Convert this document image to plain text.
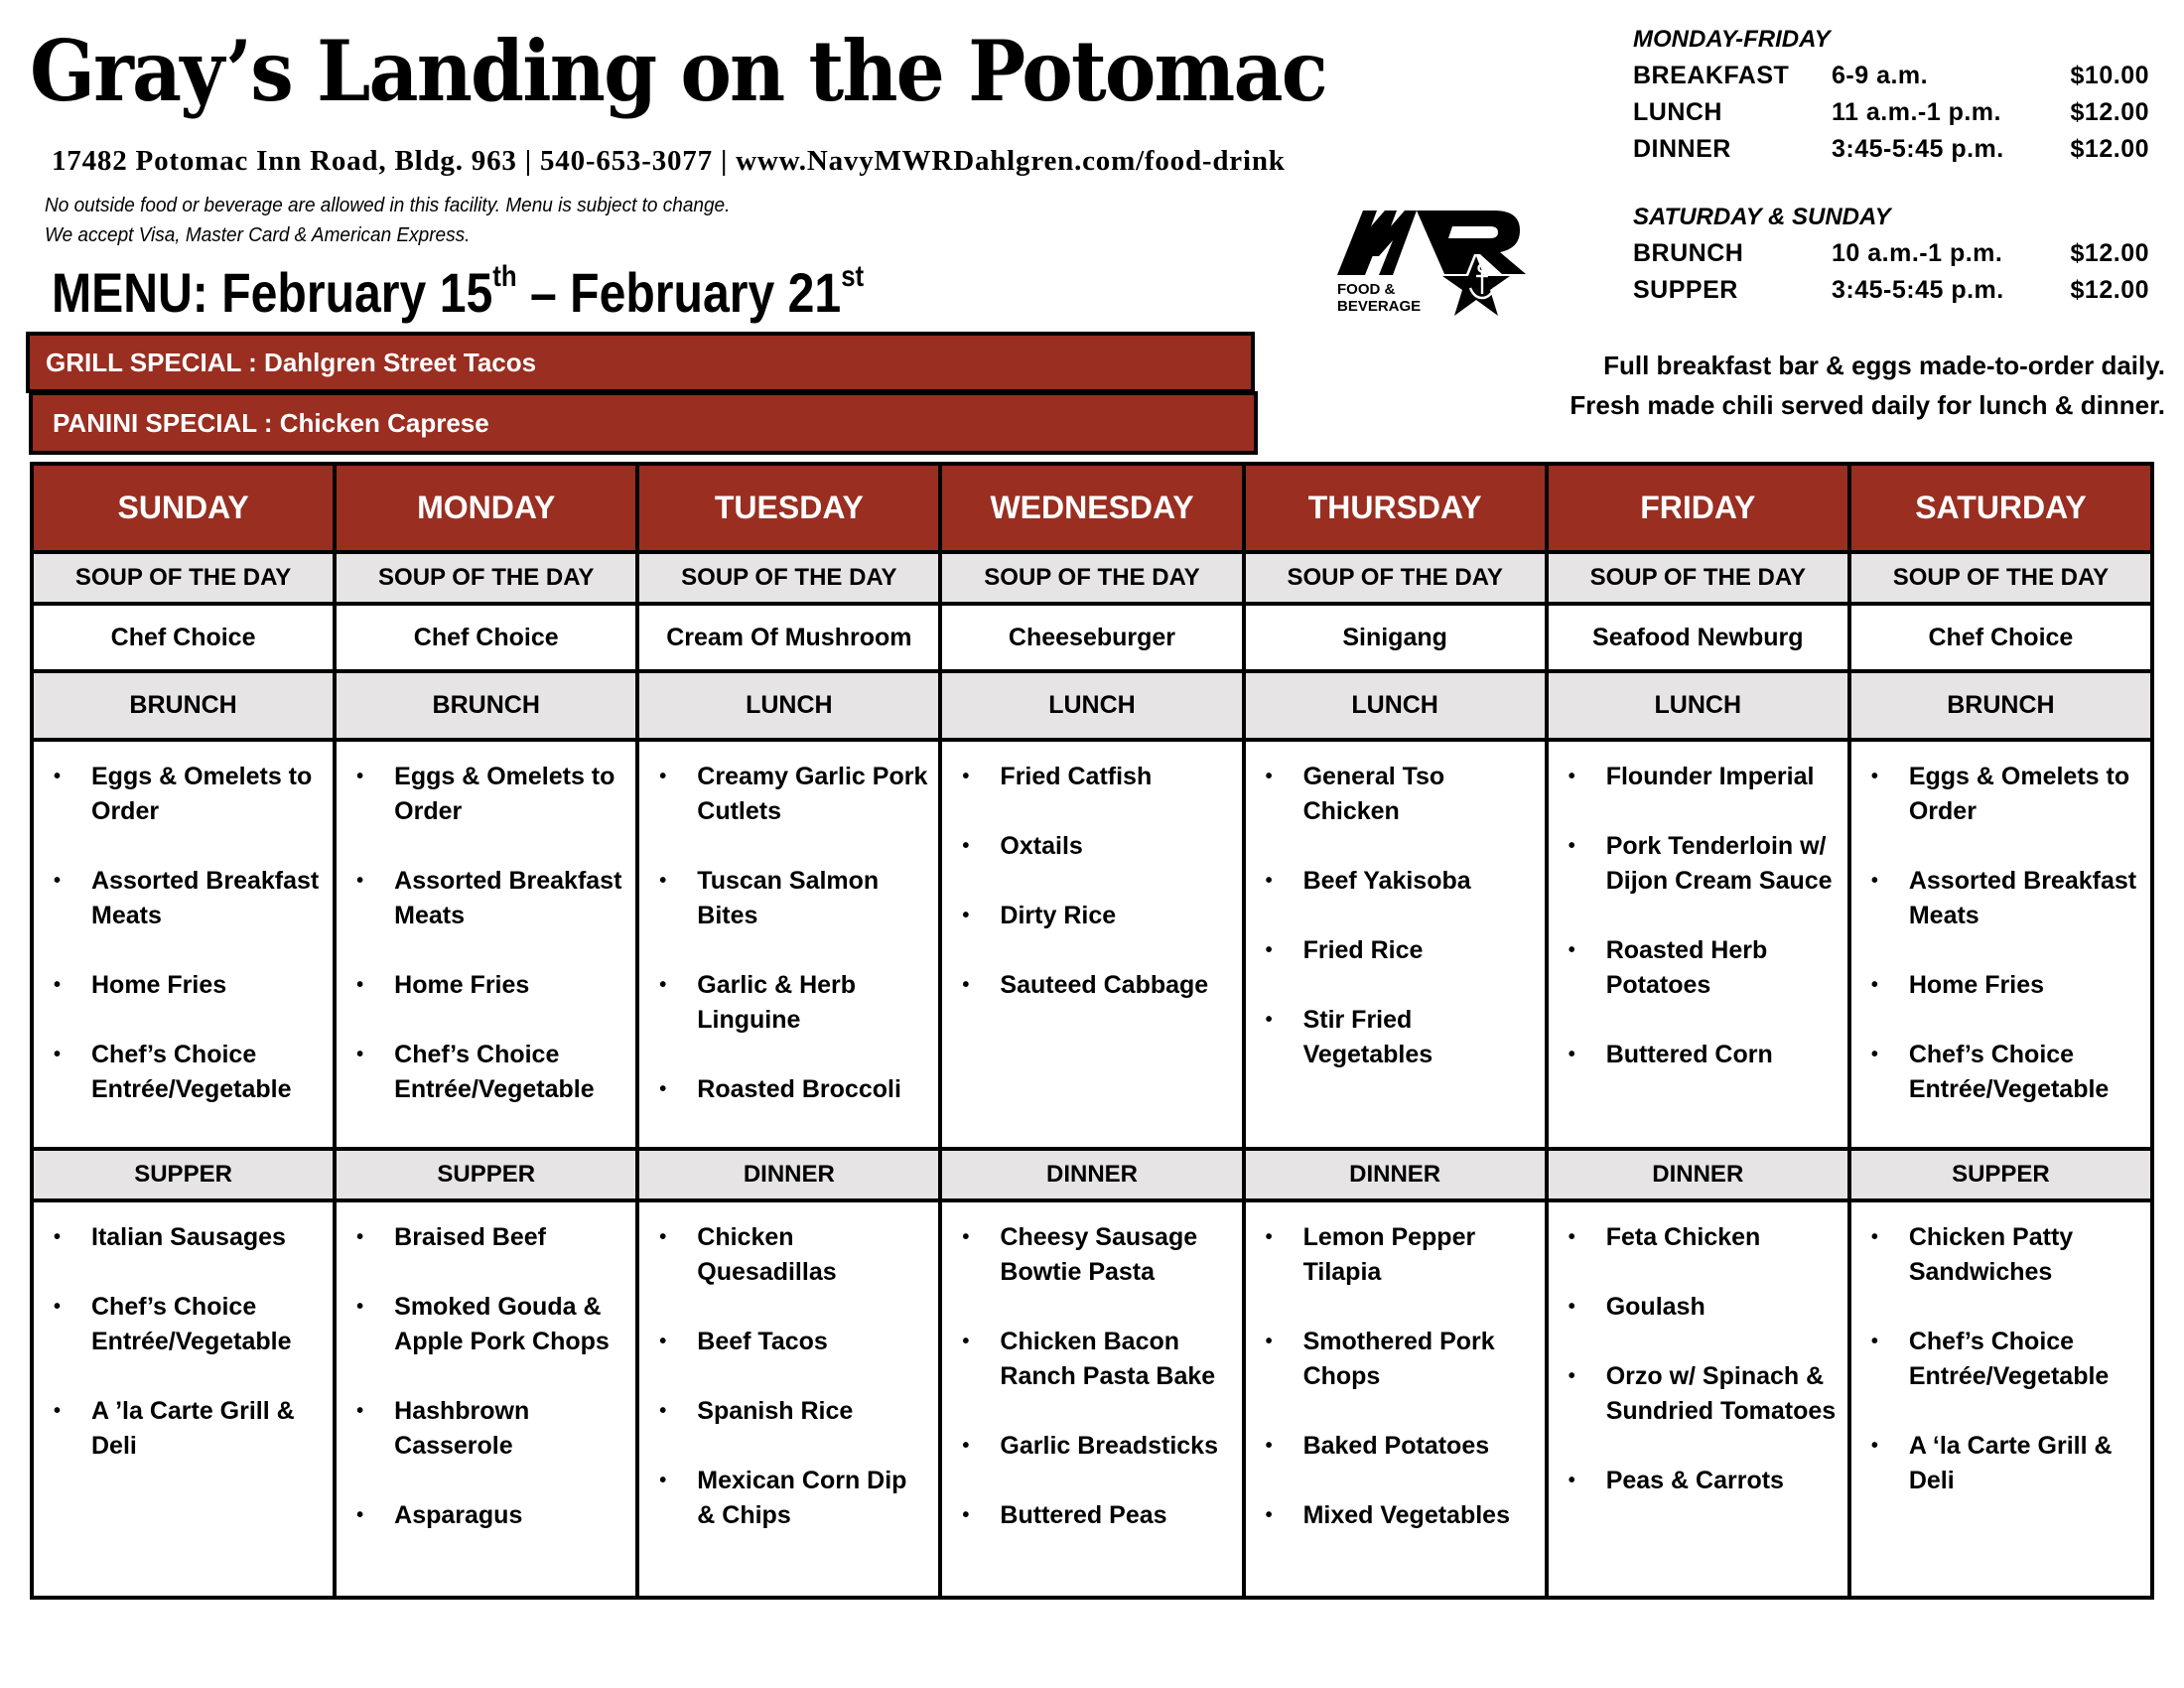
Gray’s Landing on the Potomac
17482 Potomac Inn Road, Bldg. 963 | 540-653-3077 | www.NavyMWRDahlgren.com/food-drink
No outside food or beverage are allowed in this facility. Menu is subject to change.
We accept Visa, Master Card & American Express.
MENU: February 15th – February 21st	FOOD &
BEVERAGE
MONDAY-FRIDAY
BREAKFAST	6-9 a.m.	$10.00
LUNCH	11 a.m.-1 p.m.	$12.00
DINNER	3:45-5:45 p.m.	$12.00
SATURDAY & SUNDAY
BRUNCH	10 a.m.-1 p.m.	$12.00
SUPPER	3:45-5:45 p.m.	$12.00
Full breakfast bar & eggs made-to-order daily.
Fresh made chili served daily for lunch & dinner.
GRILL SPECIAL : Dahlgren Street Tacos
PANINI SPECIAL : Chicken Caprese
SUNDAY	MONDAY	TUESDAY	WEDNESDAY	THURSDAY	FRIDAY	SATURDAY
SOUP OF THE DAY	SOUP OF THE DAY	SOUP OF THE DAY	SOUP OF THE DAY	SOUP OF THE DAY	SOUP OF THE DAY	SOUP OF THE DAY
Chef Choice	Chef Choice	Cream Of Mushroom	Cheeseburger	Sinigang	Seafood Newburg	Chef Choice
BRUNCH	BRUNCH	LUNCH	LUNCH	LUNCH	LUNCH	BRUNCH

• Eggs & Omelets to Order
• Assorted Breakfast Meats
• Home Fries
• Chef’s Choice Entrée/Vegetable

• Eggs & Omelets to Order
• Assorted Breakfast Meats
• Home Fries
• Chef’s Choice Entrée/Vegetable

• Creamy Garlic Pork Cutlets
• Tuscan Salmon Bites
• Garlic & Herb Linguine
• Roasted Broccoli

• Fried Catfish
• Oxtails
• Dirty Rice
• Sauteed Cabbage

• General Tso Chicken
• Beef Yakisoba
• Fried Rice
• Stir Fried Vegetables

• Flounder Imperial
• Pork Tenderloin w/ Dijon Cream Sauce
• Roasted Herb Potatoes
• Buttered Corn

• Eggs & Omelets to Order
• Assorted Breakfast Meats
• Home Fries
• Chef’s Choice Entrée/Vegetable

SUPPER	SUPPER	DINNER	DINNER	DINNER	DINNER	SUPPER

• Italian Sausages
• Chef’s Choice Entrée/Vegetable
• A ’la Carte Grill & Deli

• Braised Beef
• Smoked Gouda & Apple Pork Chops
• Hashbrown Casserole
• Asparagus

• Chicken Quesadillas
• Beef Tacos
• Spanish Rice
• Mexican Corn Dip & Chips

• Cheesy Sausage Bowtie Pasta
• Chicken Bacon Ranch Pasta Bake
• Garlic Breadsticks
• Buttered Peas

• Lemon Pepper Tilapia
• Smothered Pork Chops
• Baked Potatoes
• Mixed Vegetables

• Feta Chicken
• Goulash
• Orzo w/ Spinach & Sundried Tomatoes
• Peas & Carrots

• Chicken Patty Sandwiches
• Chef’s Choice Entrée/Vegetable
• A ‘la Carte Grill & Deli
